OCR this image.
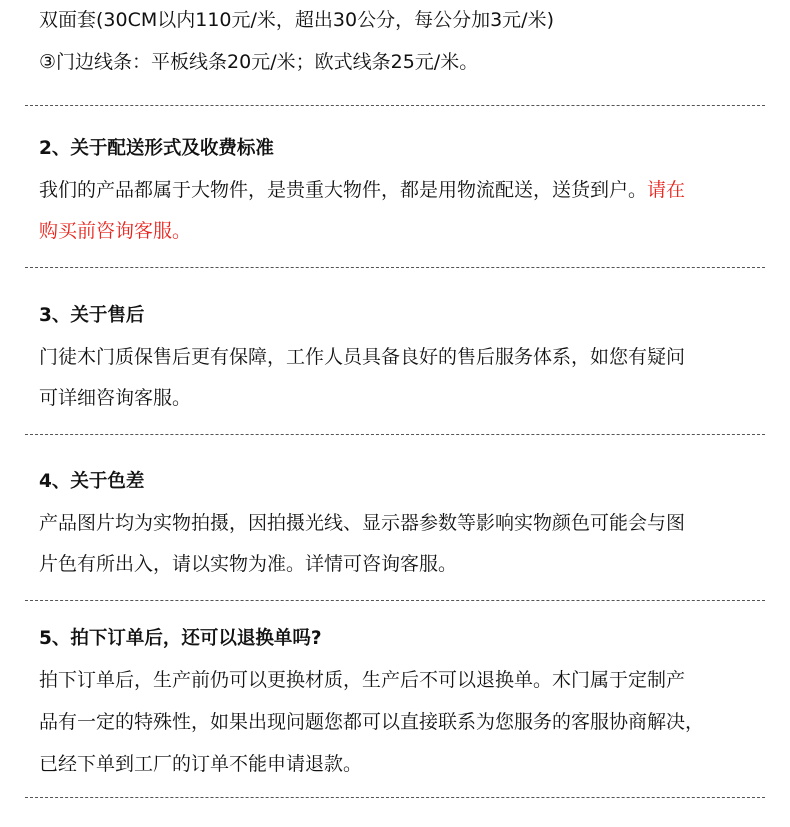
双面套(30CM以内110元/米，超出30公分，每公分加3元/米)
③门边线条：平板线条20元/米；欧式线条25元/米。
2、关于配送形式及收费标准
我们的产品都属于大物件，是贵重大物件，都是用物流配送，送货到户。请在
购买前咨询客服。
3、关于售后
门徒木门质保售后更有保障，工作人员具备良好的售后服务体系，如您有疑问
可详细咨询客服。
4、关于色差
产品图片均为实物拍摄，因拍摄光线、显示器参数等影响实物颜色可能会与图
片色有所出入，请以实物为准。详情可咨询客服。
5、拍下订单后，还可以退换单吗?
拍下订单后，生产前仍可以更换材质，生产后不可以退换单。木门属于定制产
品有一定的特殊性，如果出现问题您都可以直接联系为您服务的客服协商解决，
已经下单到工厂的订单不能申请退款。
